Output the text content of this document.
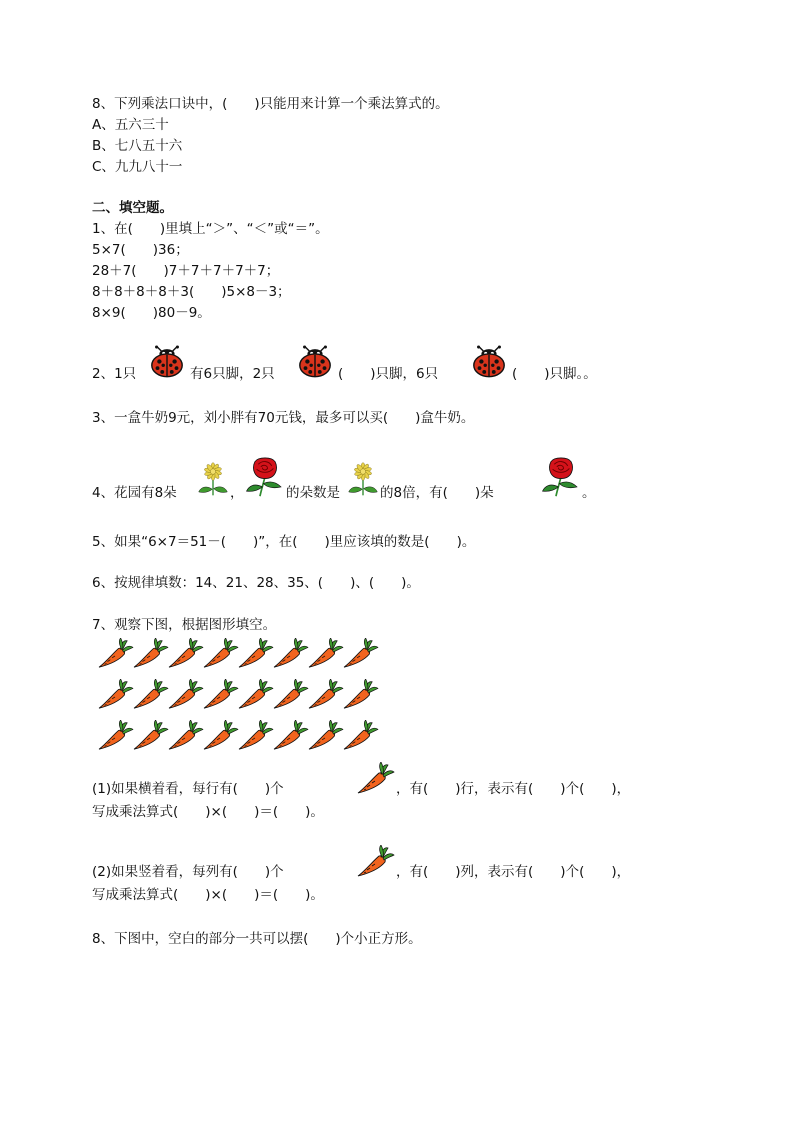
8、下列乘法口诀中，(　　)只能用来计算一个乘法算式的。
A、五六三十
B、七八五十六
C、九九八十一
二、填空题。
1、在(　　)里填上“＞”、“＜”或“＝”。
5×7(　　)36；
28＋7(　　)7＋7＋7＋7＋7；
8＋8＋8＋8＋3(　　)5×8－3；
8×9(　　)80－9。
2、1只	有6只脚，2只	(　　)只脚，6只	(　　)只脚。。
3、一盒牛奶9元，刘小胖有70元钱，最多可以买(　　)盒牛奶。
4、花园有8朵	，	的朵数是	的8倍，有(　　)朵	。
5、如果“6×7＝51－(　　)”，在(　　)里应该填的数是(　　)。
6、按规律填数：14、21、28、35、(　　)、(　　)。
7、观察下图，根据图形填空。
(1)如果横着看，每行有(　　)个	，有(　　)行，表示有(　　)个(　　)，
写成乘法算式(　　)×(　　)＝(　　)。
(2)如果竖着看，每列有(　　)个	，有(　　)列，表示有(　　)个(　　)，
写成乘法算式(　　)×(　　)＝(　　)。
8、下图中，空白的部分一共可以摆(　　)个小正方形。
